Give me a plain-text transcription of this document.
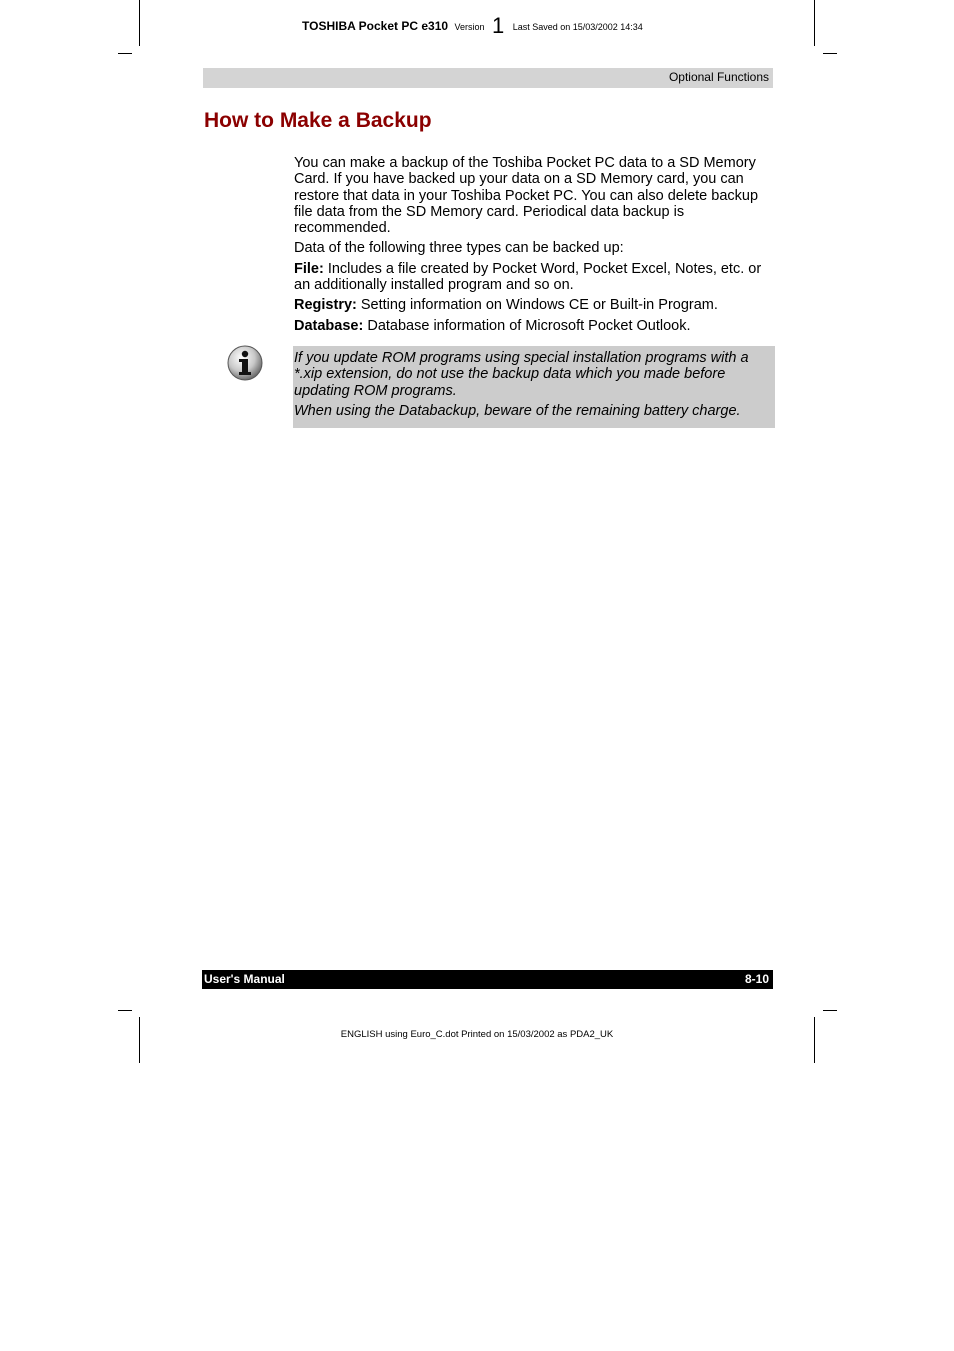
TOSHIBA Pocket PC e310 Version 1 Last Saved on 15/03/2002 14:34
Optional Functions
How to Make a Backup

You can make a backup of the Toshiba Pocket PC data to a SD Memory Card. If you have backed up your data on a SD Memory card, you can restore that data in your Toshiba Pocket PC. You can also delete backup file data from the SD Memory card. Periodical data backup is recommended.

Data of the following three types can be backed up:

File: Includes a file created by Pocket Word, Pocket Excel, Notes, etc. or an additionally installed program and so on.

Registry: Setting information on Windows CE or Built-in Program.

Database: Database information of Microsoft Pocket Outlook.

If you update ROM programs using special installation programs with a *.xip extension, do not use the backup data which you made before updating ROM programs.

When using the Databackup, beware of the remaining battery charge.

User's Manual	8-10
ENGLISH using Euro_C.dot Printed on 15/03/2002 as PDA2_UK
